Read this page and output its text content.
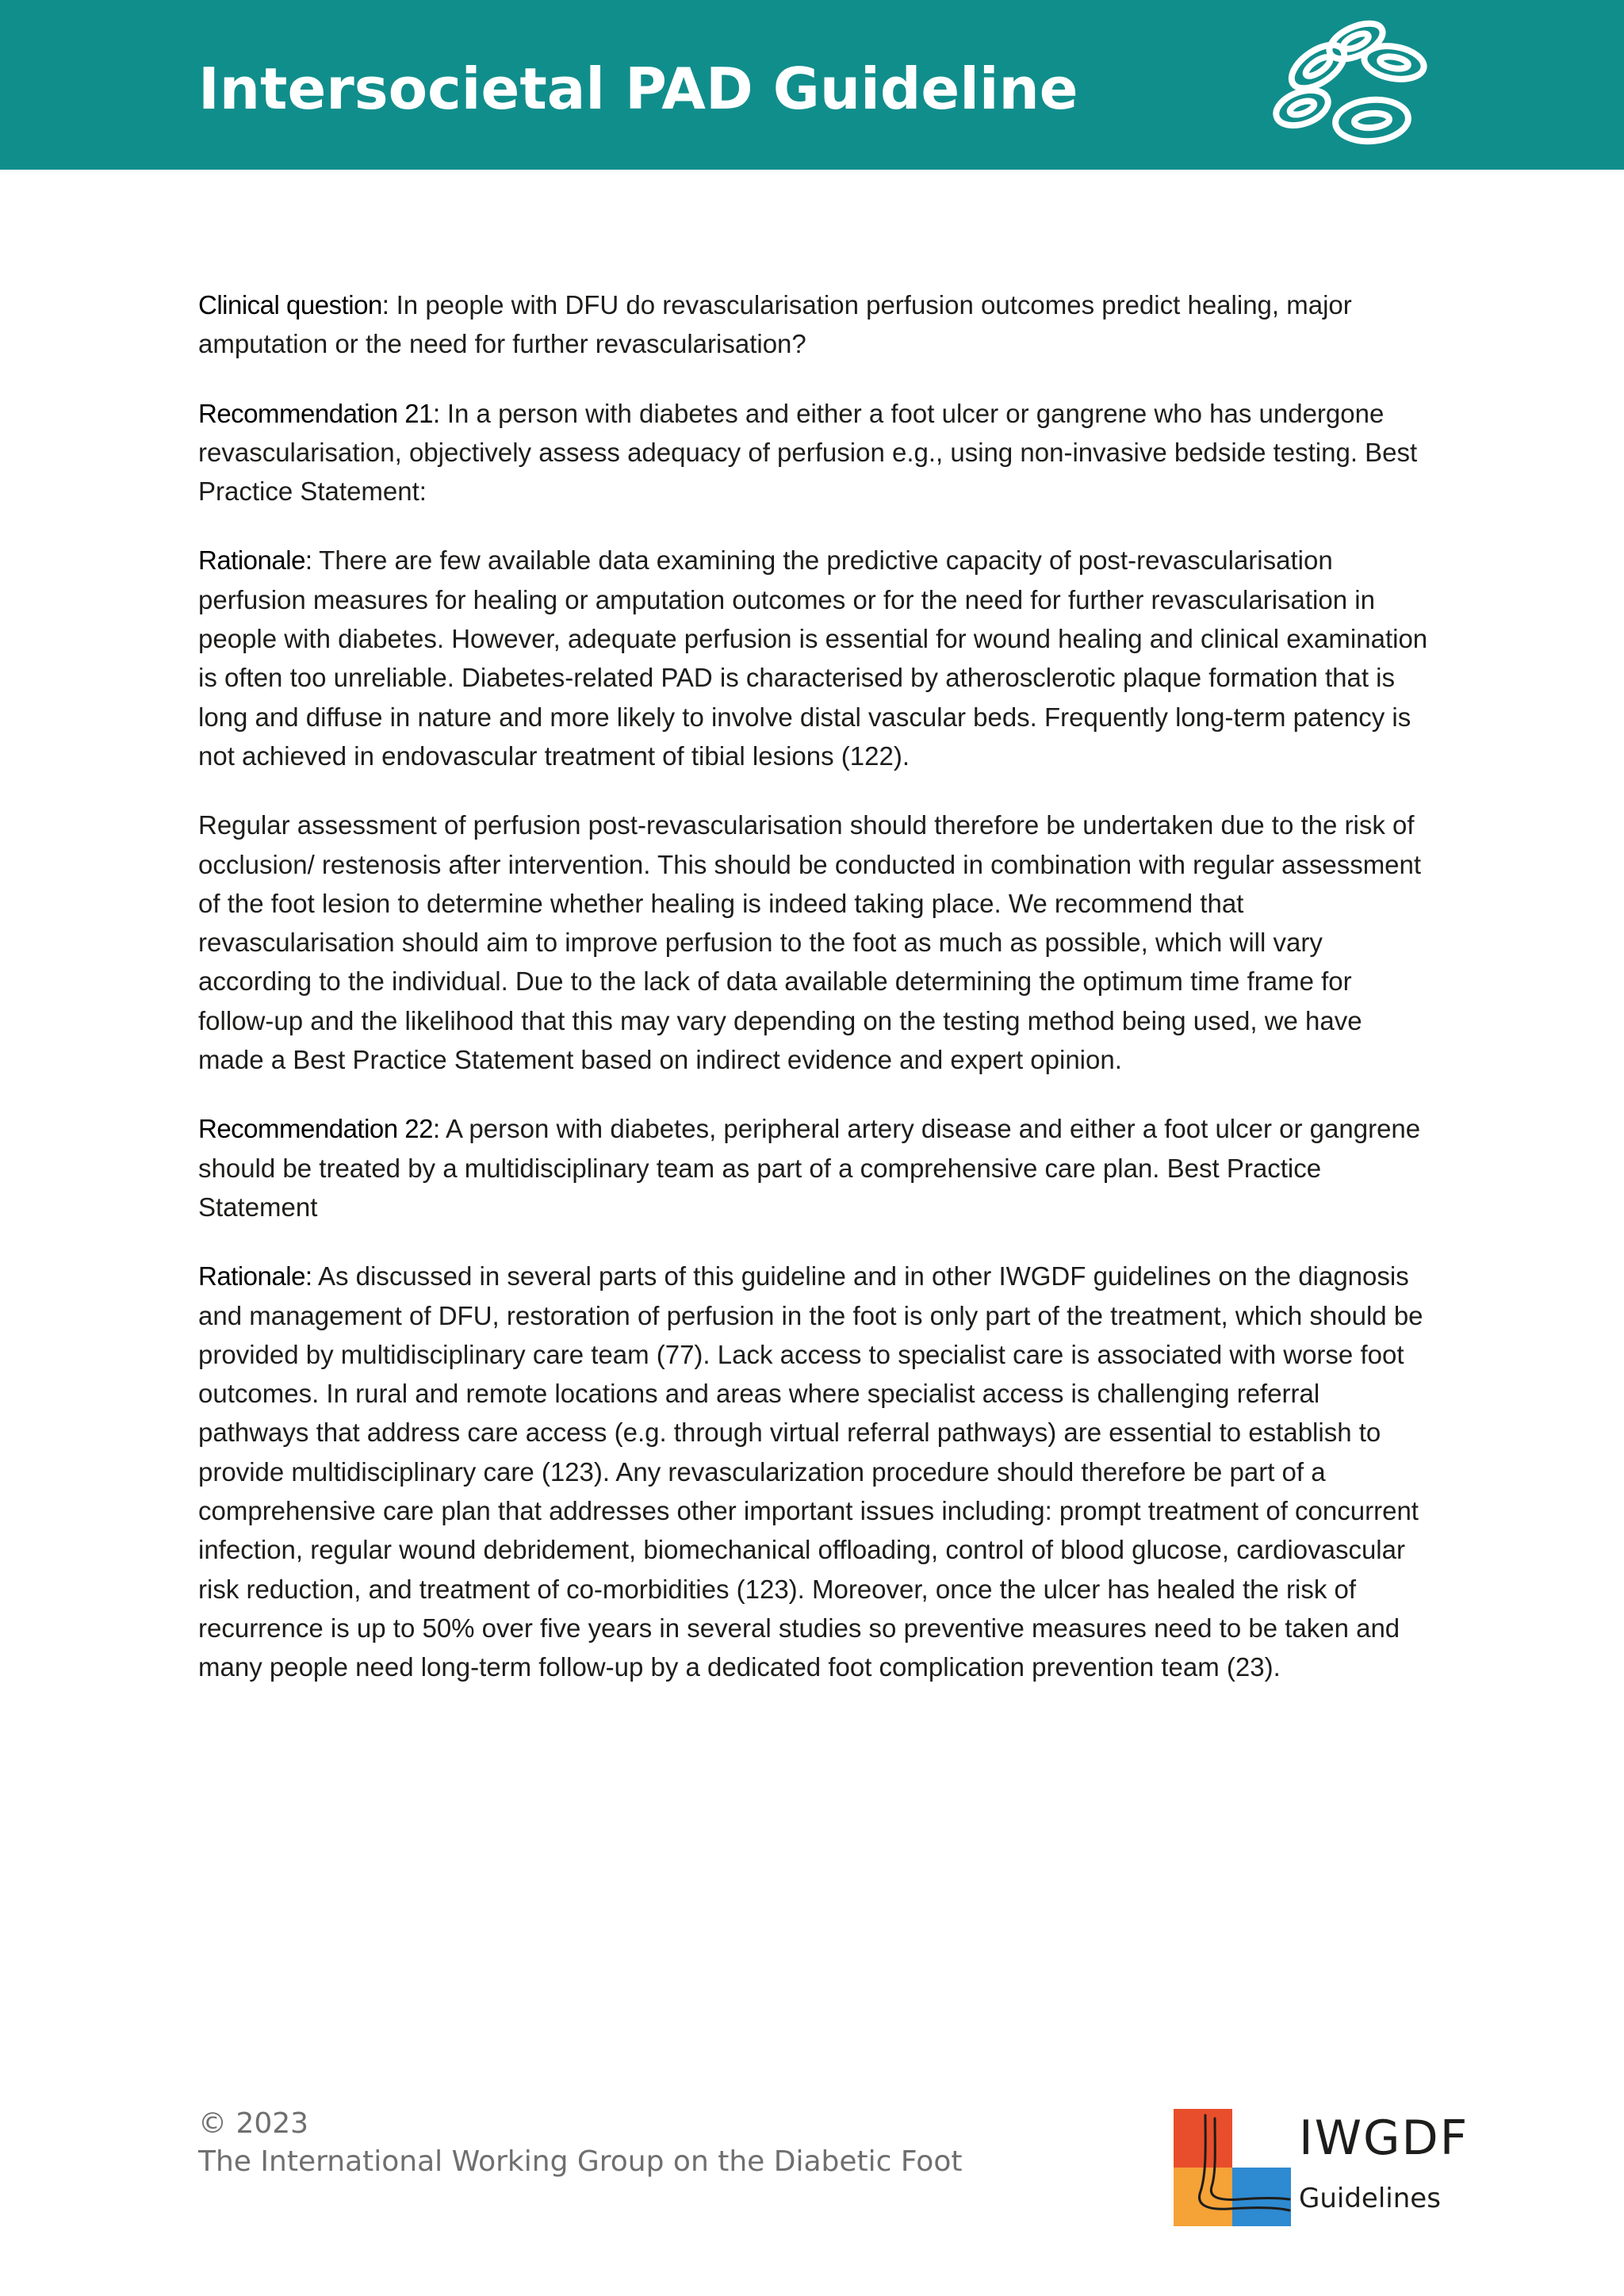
Intersocietal PAD Guideline

Clinical question: In people with DFU do revascularisation perfusion outcomes predict healing, major amputation or the need for further revascularisation?

Recommendation 21: In a person with diabetes and either a foot ulcer or gangrene who has undergone revascularisation, objectively assess adequacy of perfusion e.g., using non-invasive bedside testing. Best Practice Statement:

Rationale: There are few available data examining the predictive capacity of post-revascularisation perfusion measures for healing or amputation outcomes or for the need for further revascularisation in people with diabetes. However, adequate perfusion is essential for wound healing and clinical examination is often too unreliable. Diabetes-related PAD is characterised by atherosclerotic plaque formation that is long and diffuse in nature and more likely to involve distal vascular beds. Frequently long-term patency is not achieved in endovascular treatment of tibial lesions (122).

Regular assessment of perfusion post-revascularisation should therefore be undertaken due to the risk of occlusion/ restenosis after intervention. This should be conducted in combination with regular assessment of the foot lesion to determine whether healing is indeed taking place. We recommend that revascularisation should aim to improve perfusion to the foot as much as possible, which will vary according to the individual. Due to the lack of data available determining the optimum time frame for follow-up and the likelihood that this may vary depending on the testing method being used, we have made a Best Practice Statement based on indirect evidence and expert opinion.

Recommendation 22: A person with diabetes, peripheral artery disease and either a foot ulcer or gangrene should be treated by a multidisciplinary team as part of a comprehensive care plan. Best Practice Statement

Rationale: As discussed in several parts of this guideline and in other IWGDF guidelines on the diagnosis and management of DFU, restoration of perfusion in the foot is only part of the treatment, which should be provided by multidisciplinary care team (77). Lack access to specialist care is associated with worse foot outcomes. In rural and remote locations and areas where specialist access is challenging referral pathways that address care access (e.g. through virtual referral pathways) are essential to establish to provide multidisciplinary care (123). Any revascularization procedure should therefore be part of a comprehensive care plan that addresses other important issues including: prompt treatment of concurrent infection, regular wound debridement, biomechanical offloading, control of blood glucose, cardiovascular risk reduction, and treatment of co-morbidities (123). Moreover, once the ulcer has healed the risk of recurrence is up to 50% over five years in several studies so preventive measures need to be taken and many people need long-term follow-up by a dedicated foot complication prevention team (23).

© 2023
The International Working Group on the Diabetic Foot	IWGDF
Guidelines
